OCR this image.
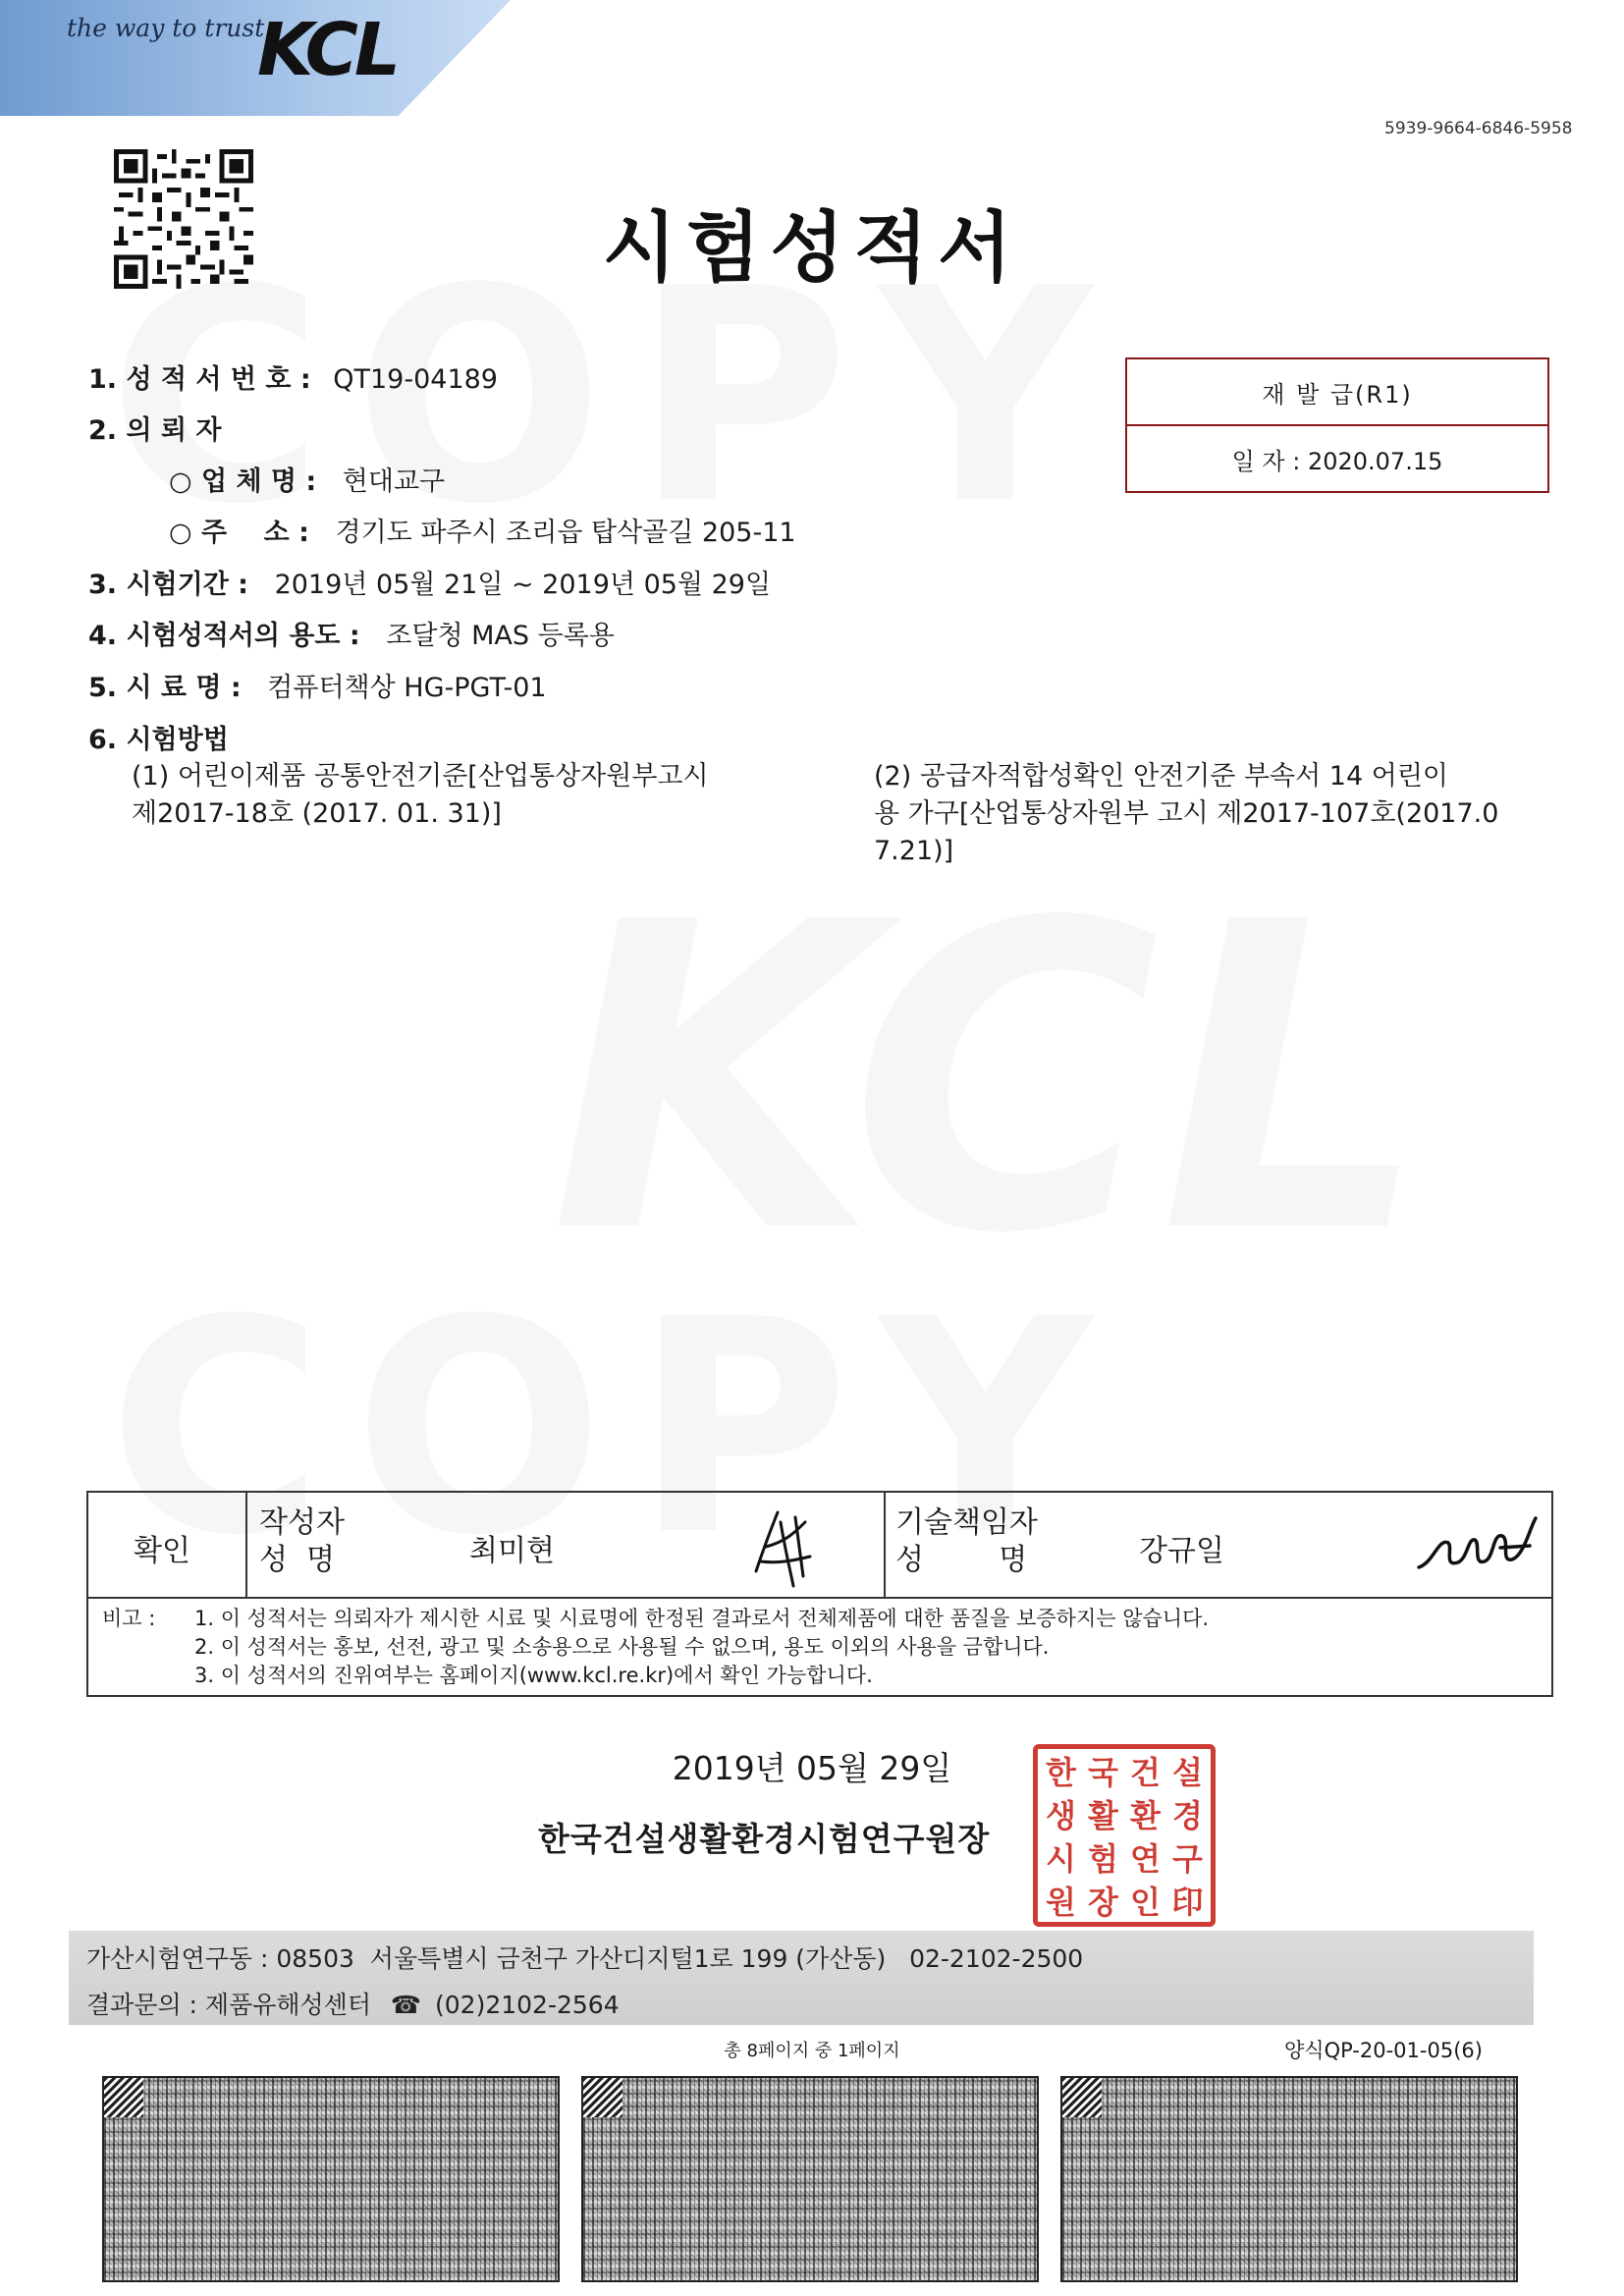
the way to trust
KCL
5939-9664-6846-5958
시험성적서
재 발 급(R1)
일 자 : 2020.07.15
1. 성 적 서 번 호 : QT19-04189
2. 의 뢰 자
○ 업 체 명 : 현대교구
○ 주    소 : 경기도 파주시 조리읍 탑삭골길 205-11
3. 시험기간 : 2019년 05월 21일 ~ 2019년 05월 29일
4. 시험성적서의 용도 : 조달청 MAS 등록용
5. 시 료 명 : 컴퓨터책상 HG-PGT-01
6. 시험방법
(1) 어린이제품 공통안전기준[산업통상자원부고시
제2017-18호 (2017. 01. 31)]
(2) 공급자적합성확인 안전기준 부속서 14 어린이
용 가구[산업통상자원부 고시 제2017-107호(2017.0
7.21)]
확인
작성자
성  명	최미현
기술책임자
성        명	강규일
비고 : 1. 이 성적서는 의뢰자가 제시한 시료 및 시료명에 한정된 결과로서 전체제품에 대한 품질을 보증하지는 않습니다.
2. 이 성적서는 홍보, 선전, 광고 및 소송용으로 사용될 수 없으며, 용도 이외의 사용을 금합니다.
3. 이 성적서의 진위여부는 홈페이지(www.kcl.re.kr)에서 확인 가능합니다.
2019년 05월 29일
한국건설생활환경시험연구원장
한 국 건 설
생 활 환 경
시 험 연 구
원 장 인 印
가산시험연구동 : 08503  서울특별시 금천구 가산디지털1로 199 (가산동)   02-2102-2500
결과문의 : 제품유해성센터 ☎ (02)2102-2564
총 8페이지 중 1페이지	양식QP-20-01-05(6)
